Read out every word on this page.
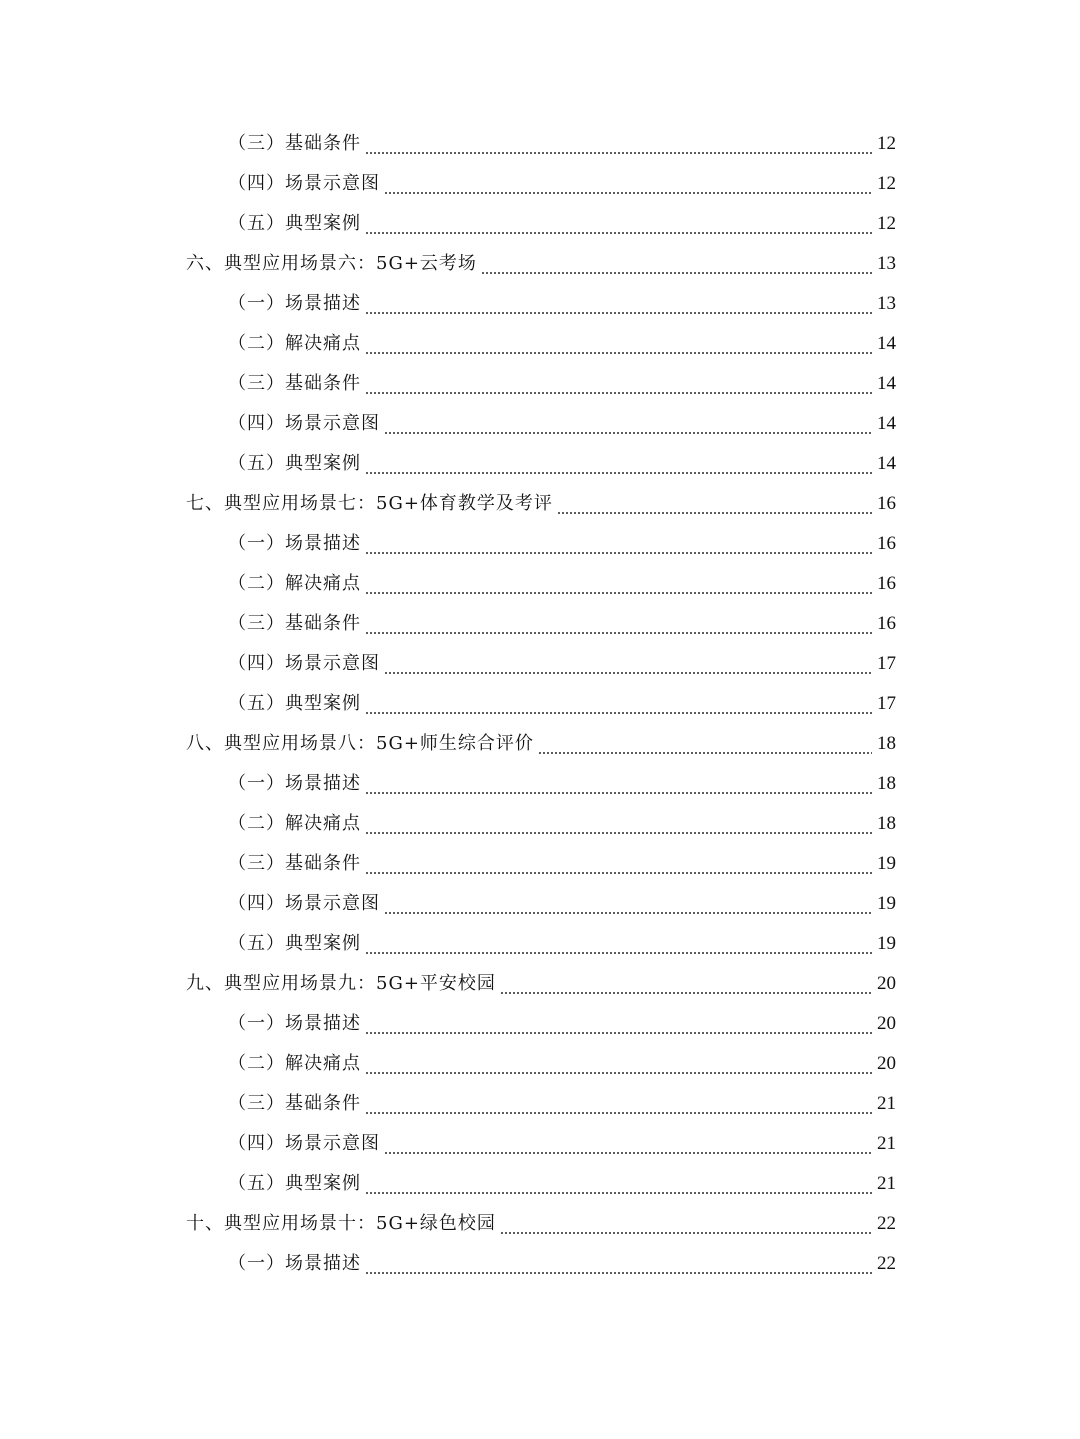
（三）基础条件	12
（四）场景示意图	12
（五）典型案例	12
六、典型应用场景六：5G+云考场	13
（一）场景描述	13
（二）解决痛点	14
（三）基础条件	14
（四）场景示意图	14
（五）典型案例	14
七、典型应用场景七：5G+体育教学及考评	16
（一）场景描述	16
（二）解决痛点	16
（三）基础条件	16
（四）场景示意图	17
（五）典型案例	17
八、典型应用场景八：5G+师生综合评价	18
（一）场景描述	18
（二）解决痛点	18
（三）基础条件	19
（四）场景示意图	19
（五）典型案例	19
九、典型应用场景九：5G+平安校园	20
（一）场景描述	20
（二）解决痛点	20
（三）基础条件	21
（四）场景示意图	21
（五）典型案例	21
十、典型应用场景十：5G+绿色校园	22
（一）场景描述	22
